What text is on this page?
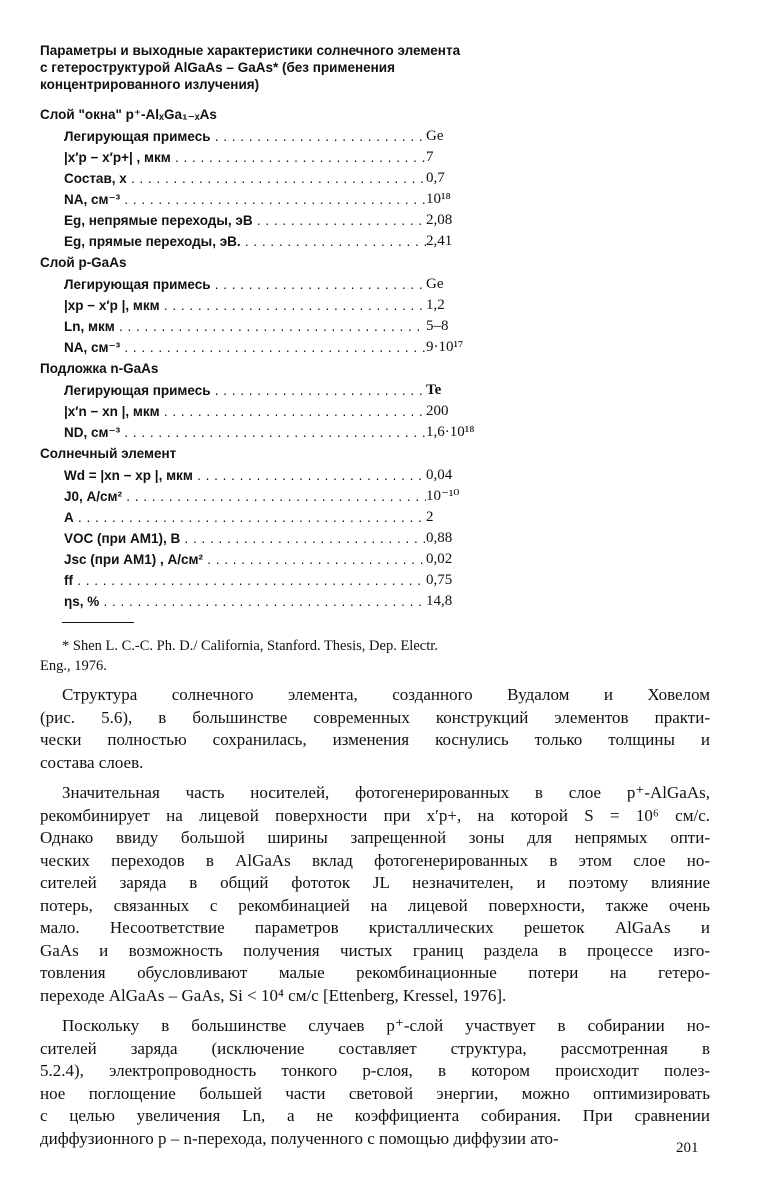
Параметры и выходные характеристики солнечного элемента
с гетероструктурой AlGaAs – GaAs* (без применения
концентрированного излучения)
Слой "окна" p⁺-AlₓGa₁₋ₓAs
Легирующая примесь . . .	Ge
|x′p − x′p+| , мкм . . .	7
Состав, x . . .	0,7
NA, см⁻³ . . .	10¹⁸
Eg, непрямые переходы, эВ . . .	2,08
Eg, прямые переходы, эВ. . . .	2,41
Слой p-GaAs
Легирующая примесь . . .	Ge
|xp − x′p |, мкм . . .	1,2
Ln, мкм . . .	5–8
NA, см⁻³ . . .	9·10¹⁷
Подложка n-GaAs
Легирующая примесь . . .	Te
|x′n − xn |, мкм . . .	200
ND, см⁻³ . . .	1,6·10¹⁸
Солнечный элемент
Wd = |xn − xp |, мкм . . .	0,04
J0, А/см² . . .	10⁻¹⁰
A . . .	2
VOC (при AM1), В . . .	0,88
Jsc (при AM1) , А/см² . . .	0,02
ff . . .	0,75
ηs, % . . .	14,8
* Shen L. C.-C. Ph. D./ California, Stanford. Thesis, Dep. Electr.
Eng., 1976.

Структура солнечного элемента, созданного Вудалом и Ховелом
(рис. 5.6), в большинстве современных конструкций элементов практи-
чески полностью сохранилась, изменения коснулись только толщины и
состава слоев.

Значительная часть носителей, фотогенерированных в слое p⁺-AlGaAs,
рекомбинирует на лицевой поверхности при x′p+, на которой S = 10⁶ см/с.
Однако ввиду большой ширины запрещенной зоны для непрямых опти-
ческих переходов в AlGaAs вклад фотогенерированных в этом слое но-
сителей заряда в общий фототок JL незначителен, и поэтому влияние
потерь, связанных с рекомбинацией на лицевой поверхности, также очень
мало. Несоответствие параметров кристаллических решеток AlGaAs и
GaAs и возможность получения чистых границ раздела в процессе изго-
товления обусловливают малые рекомбинационные потери на гетеро-
переходе AlGaAs – GaAs, Si < 10⁴ см/с [Ettenberg, Kressel, 1976].

Поскольку в большинстве случаев p⁺-слой участвует в собирании но-
сителей заряда (исключение составляет структура, рассмотренная в
5.2.4), электропроводность тонкого p-слоя, в котором происходит полез-
ное поглощение большей части световой энергии, можно оптимизировать
с целью увеличения Ln, а не коэффициента собирания. При сравнении
диффузионного p – n-перехода, полученного с помощью диффузии ато-

201
